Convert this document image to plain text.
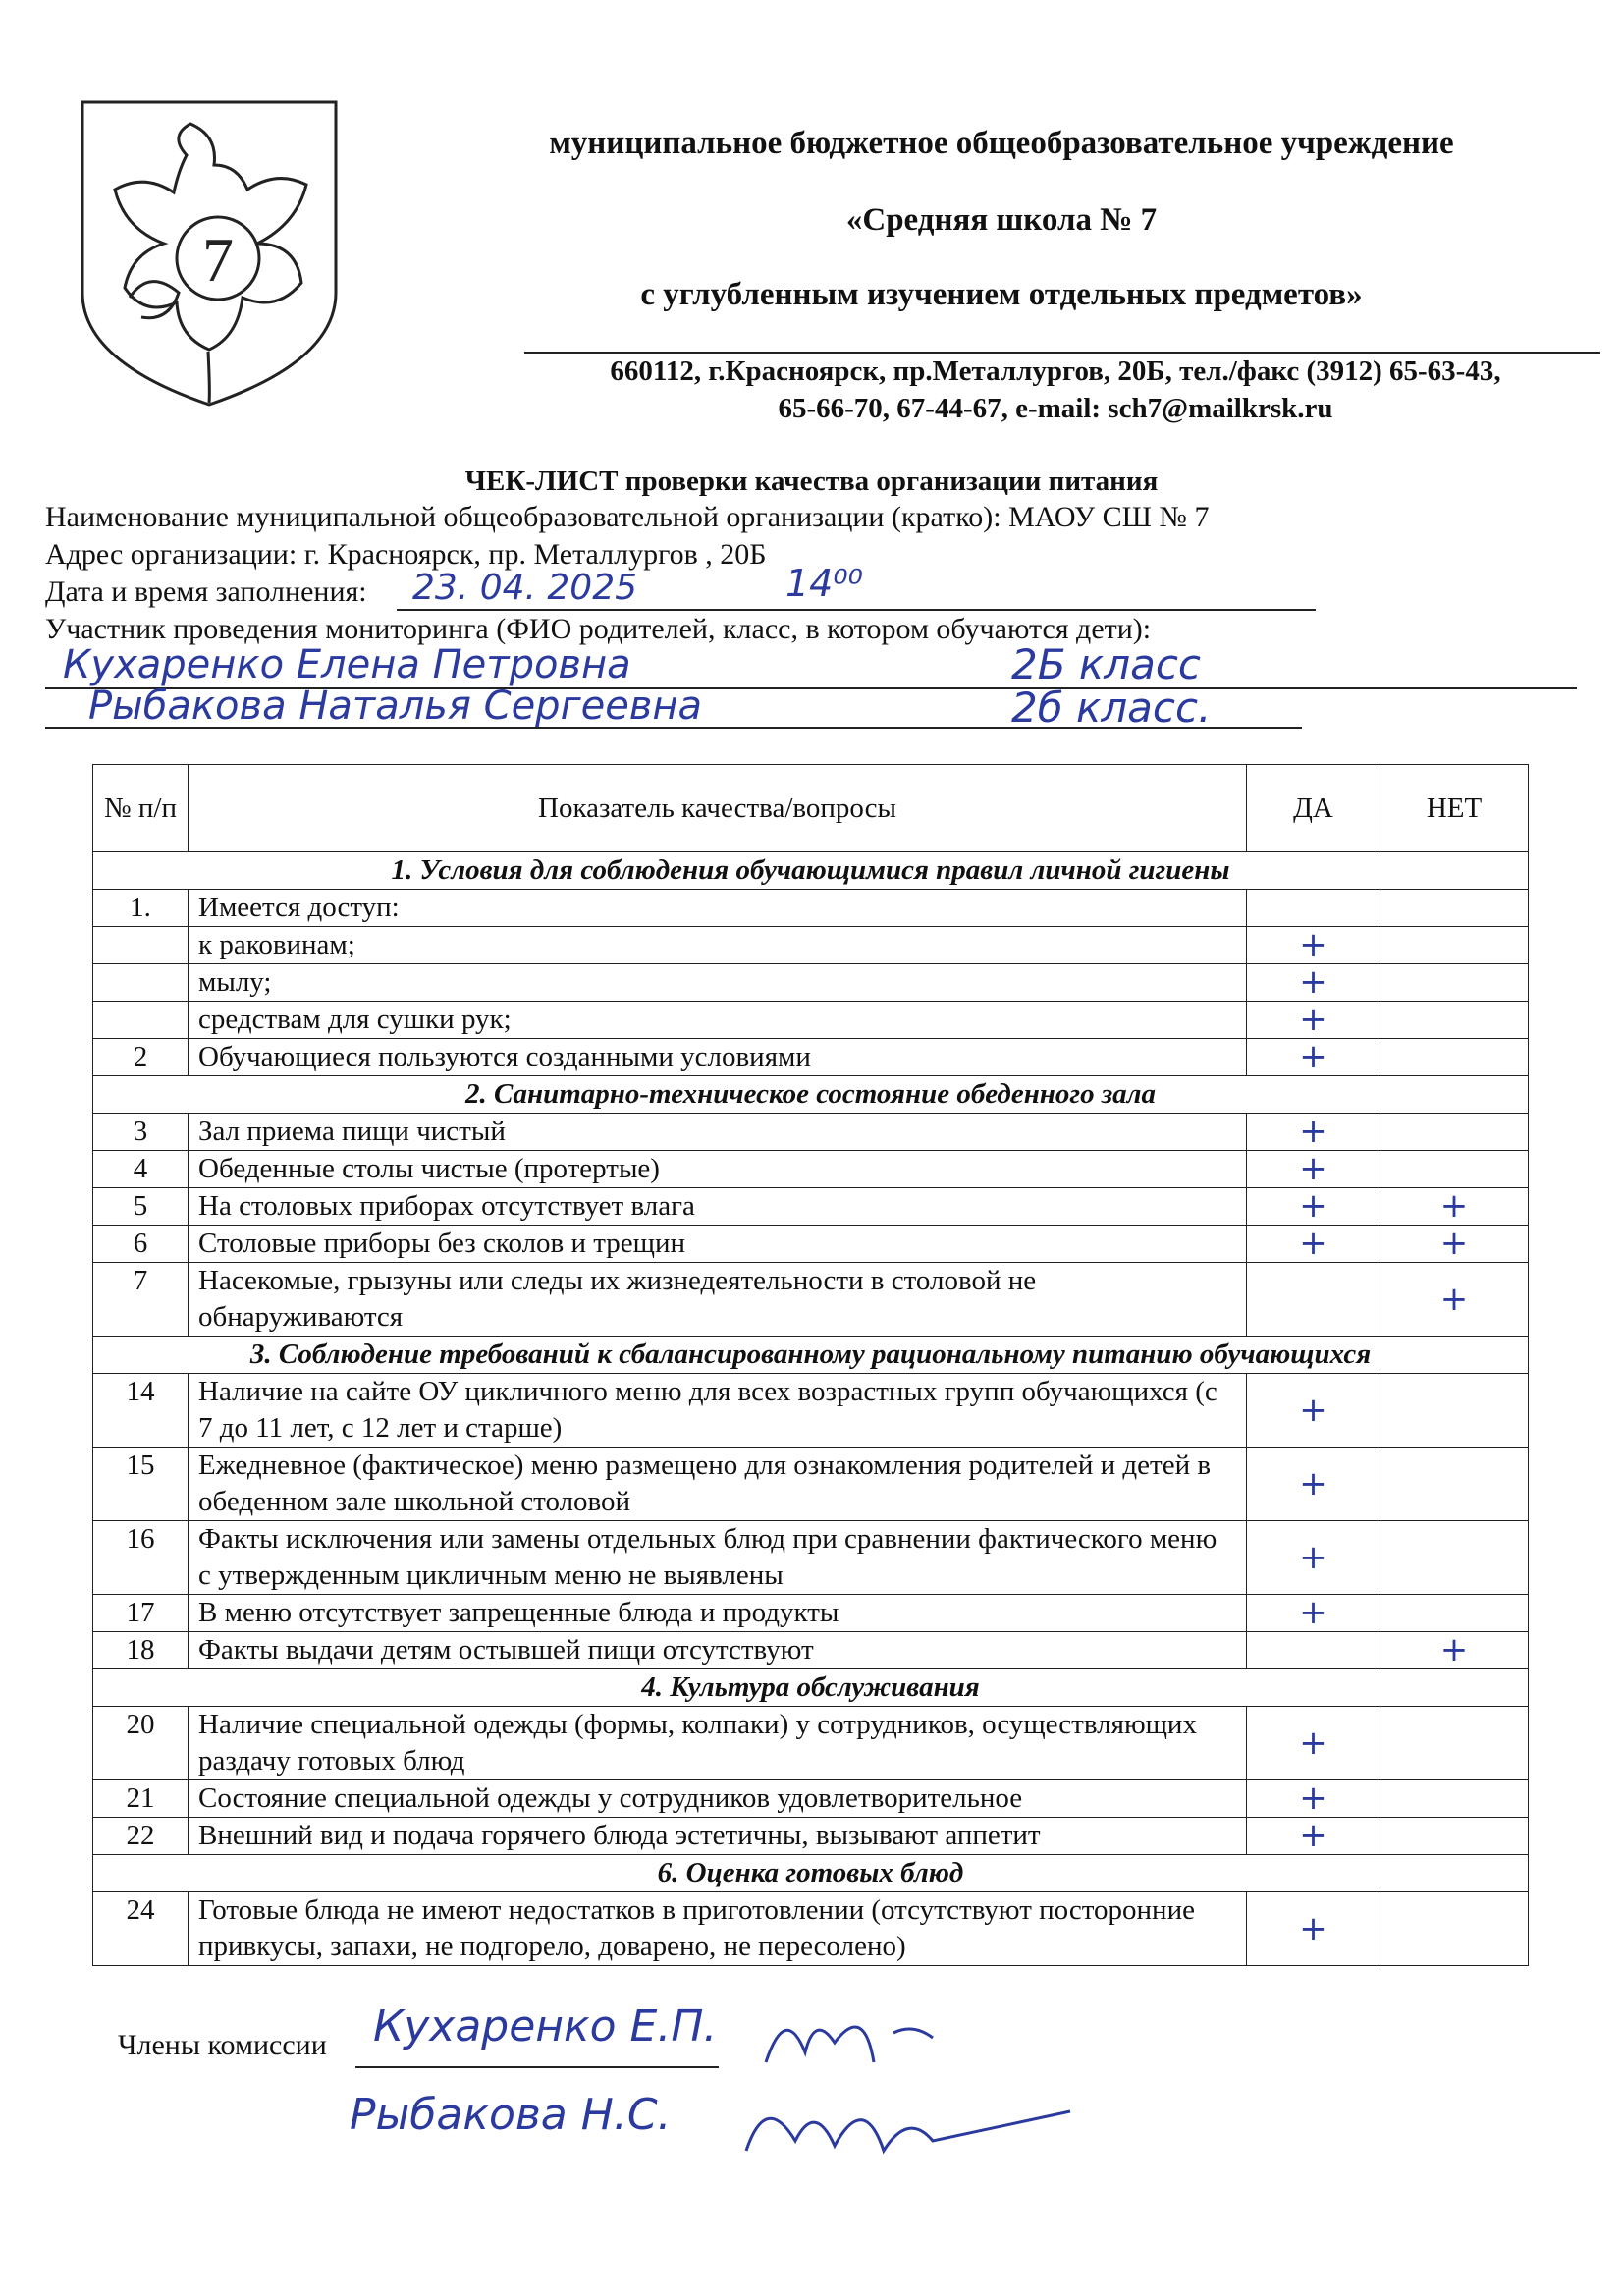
7
муниципальное бюджетное общеобразовательное учреждение
«Средняя школа № 7
с углубленным изучением отдельных предметов»
660112, г.Красноярск, пр.Металлургов, 20Б, тел./факс (3912) 65-63-43,
65-66-70, 67-44-67, e-mail: sch7@mailkrsk.ru
ЧЕК-ЛИСТ проверки качества организации питания
Наименование муниципальной общеобразовательной организации (кратко): МАОУ СШ № 7
Адрес организации: г. Красноярск, пр. Металлургов , 20Б
Дата и время заполнения: 23. 04. 2025	14⁰⁰
Участник проведения мониторинга (ФИО родителей, класс, в котором обучаются дети):
Кухаренко Елена Петровна	2Б класс
Рыбакова Наталья Сергеевна	2б класс.
№ п/п	Показатель качества/вопросы	ДА	НЕТ
1. Условия для соблюдения обучающимися правил личной гигиены			
1.	Имеется доступ:		
	к раковинам;	+	
	мылу;	+	
	средствам для сушки рук;	+	
2	Обучающиеся пользуются созданными условиями	+	
2. Санитарно-техническое состояние обеденного зала			
3	Зал приема пищи чистый	+	
4	Обеденные столы чистые (протертые)	+	
5	На столовых приборах отсутствует влага	+	+
6	Столовые приборы без сколов и трещин	+	+
7	Насекомые, грызуны или следы их жизнедеятельности в столовой не обнаруживаются		+
3. Соблюдение требований к сбалансированному рациональному питанию обучающихся			
14	Наличие на сайте ОУ цикличного меню для всех возрастных групп обучающихся (с 7 до 11 лет, с 12 лет и старше)	+	
15	Ежедневное (фактическое) меню размещено для ознакомления родителей и детей в обеденном зале школьной столовой	+	
16	Факты исключения или замены отдельных блюд при сравнении фактического меню с утвержденным цикличным меню не выявлены	+	
17	В меню отсутствует запрещенные блюда и продукты	+	
18	Факты выдачи детям остывшей пищи отсутствуют		+
4. Культура обслуживания			
20	Наличие специальной одежды (формы, колпаки) у сотрудников, осуществляющих раздачу готовых блюд	+	
21	Состояние специальной одежды у сотрудников удовлетворительное	+	
22	Внешний вид и подача горячего блюда эстетичны, вызывают аппетит	+	
6. Оценка готовых блюд			
24	Готовые блюда не имеют недостатков в приготовлении (отсутствуют посторонние привкусы, запахи, не подгорело, доварено, не пересолено)	+	
Члены комиссии Кухаренко Е.П.
Рыбакова Н.С.
